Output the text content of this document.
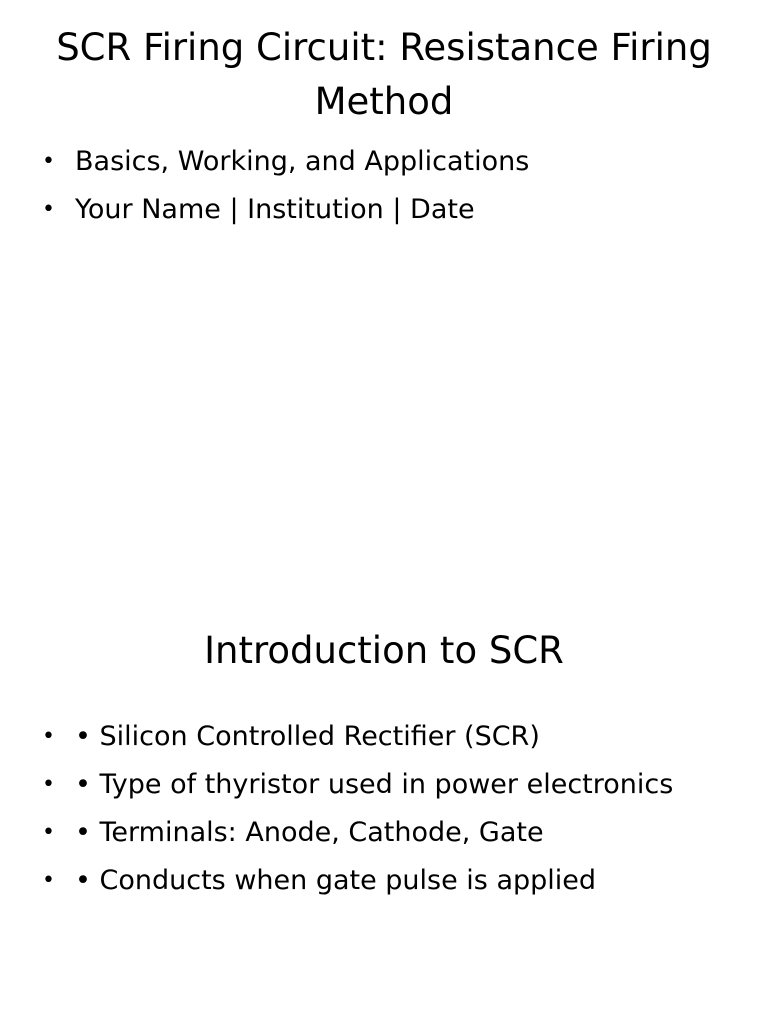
SCR Firing Circuit: Resistance Firing Method
• Basics, Working, and Applications
• Your Name | Institution | Date
Introduction to SCR
• • Silicon Controlled Rectifier (SCR)
• • Type of thyristor used in power electronics
• • Terminals: Anode, Cathode, Gate
• • Conducts when gate pulse is applied
